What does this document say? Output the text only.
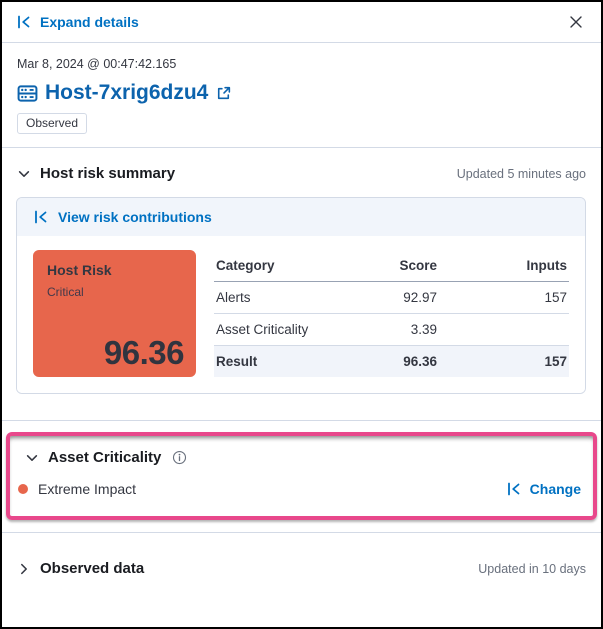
Expand details
Mar 8, 2024 @ 00:47:42.165
Host-7xrig6dzu4
Observed
Host risk summary	Updated 5 minutes ago
View risk contributions
Host Risk
Critical
96.36
Category	Score	Inputs
Alerts	92.97	157
Asset Criticality	3.39	
Result	96.36	157
Asset Criticality
Extreme Impact	Change
Observed data	Updated in 10 days
